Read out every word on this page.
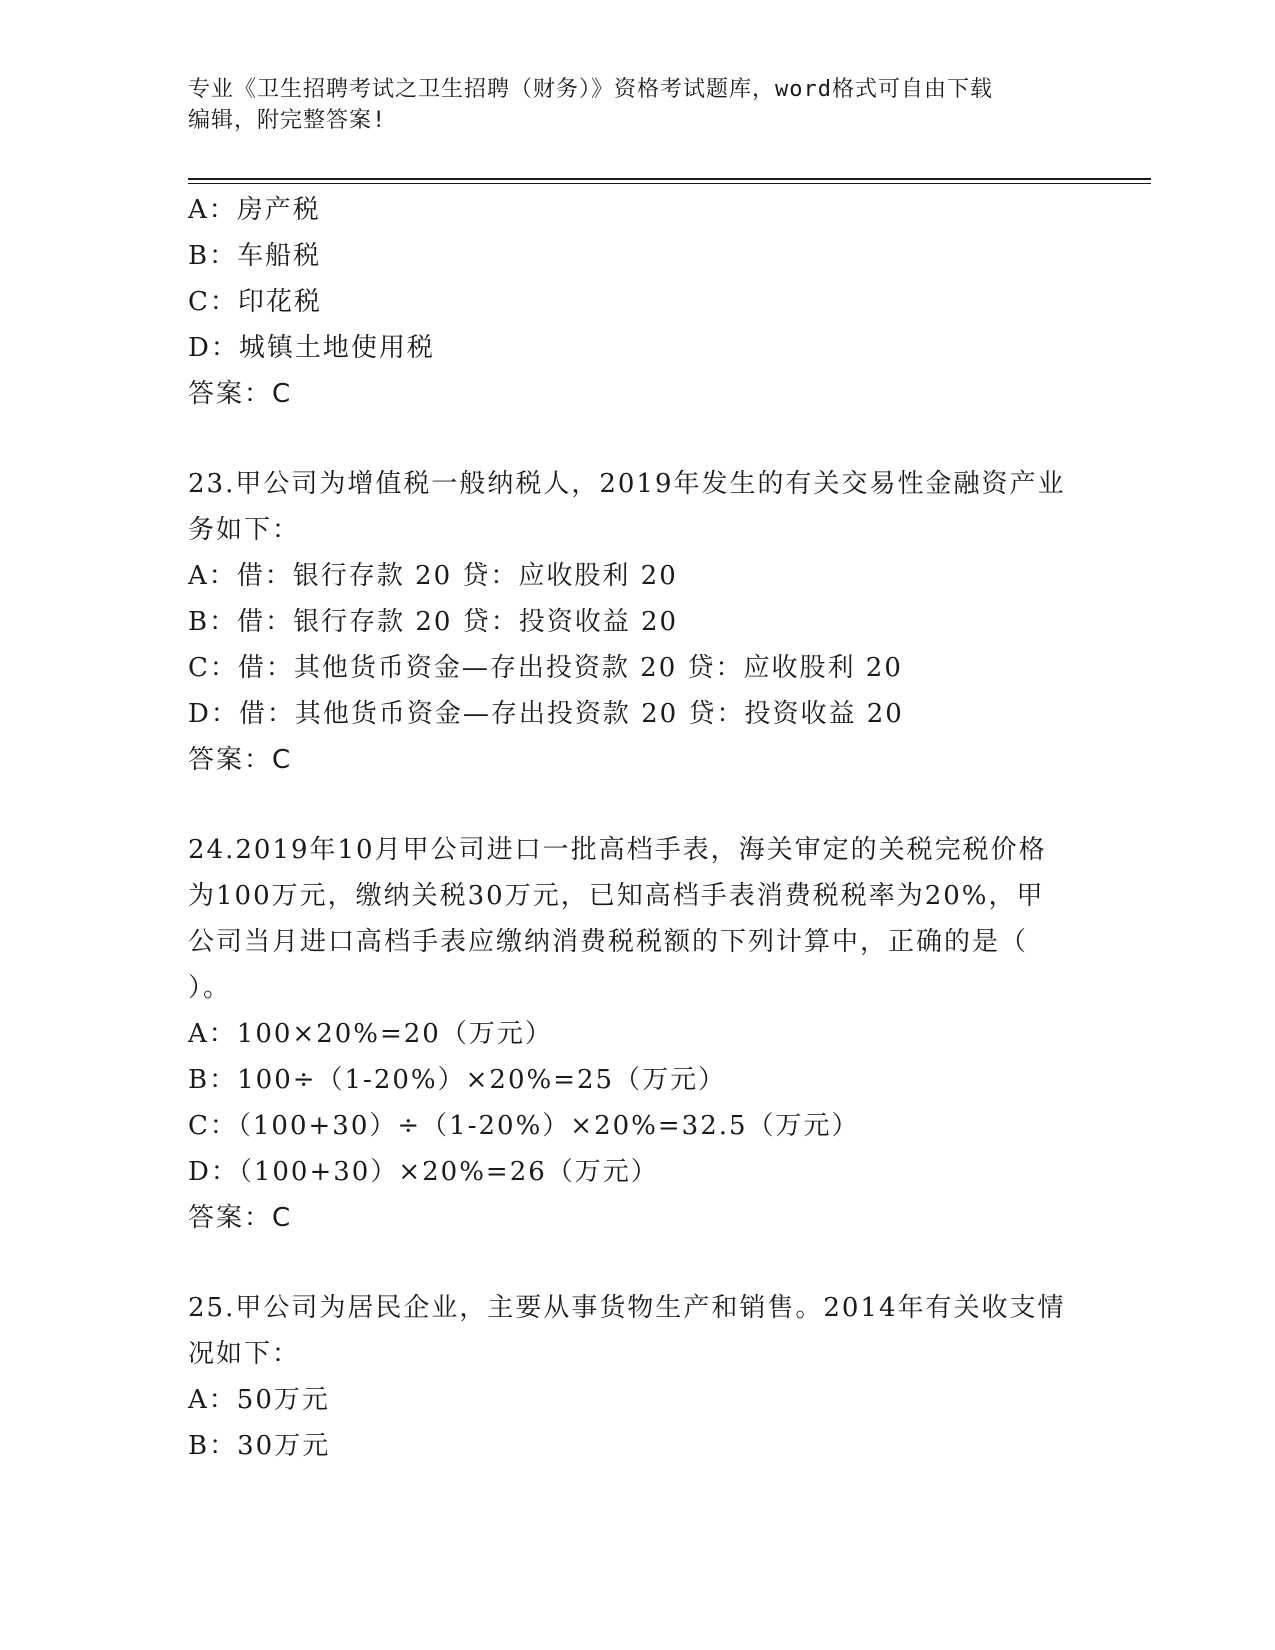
专业《卫生招聘考试之卫生招聘（财务）》资格考试题库，word格式可自由下载
编辑，附完整答案!
A：房产税
B：车船税
C：印花税
D：城镇土地使用税
答案：C
23.甲公司为增值税一般纳税人，2019年发生的有关交易性金融资产业
务如下：
A：借：银行存款 20 贷：应收股利 20
B：借：银行存款 20 贷：投资收益 20
C：借：其他货币资金—存出投资款 20 贷：应收股利 20
D：借：其他货币资金—存出投资款 20 贷：投资收益 20
答案：C
24.2019年10月甲公司进口一批高档手表，海关审定的关税完税价格
为100万元，缴纳关税30万元，已知高档手表消费税税率为20%，甲
公司当月进口高档手表应缴纳消费税税额的下列计算中，正确的是（
）。
A：100×20%=20（万元）
B：100÷（1-20%）×20%=25（万元）
C：（100+30）÷（1-20%）×20%=32.5（万元）
D：（100+30）×20%=26（万元）
答案：C
25.甲公司为居民企业，主要从事货物生产和销售。2014年有关收支情
况如下：
A：50万元
B：30万元
